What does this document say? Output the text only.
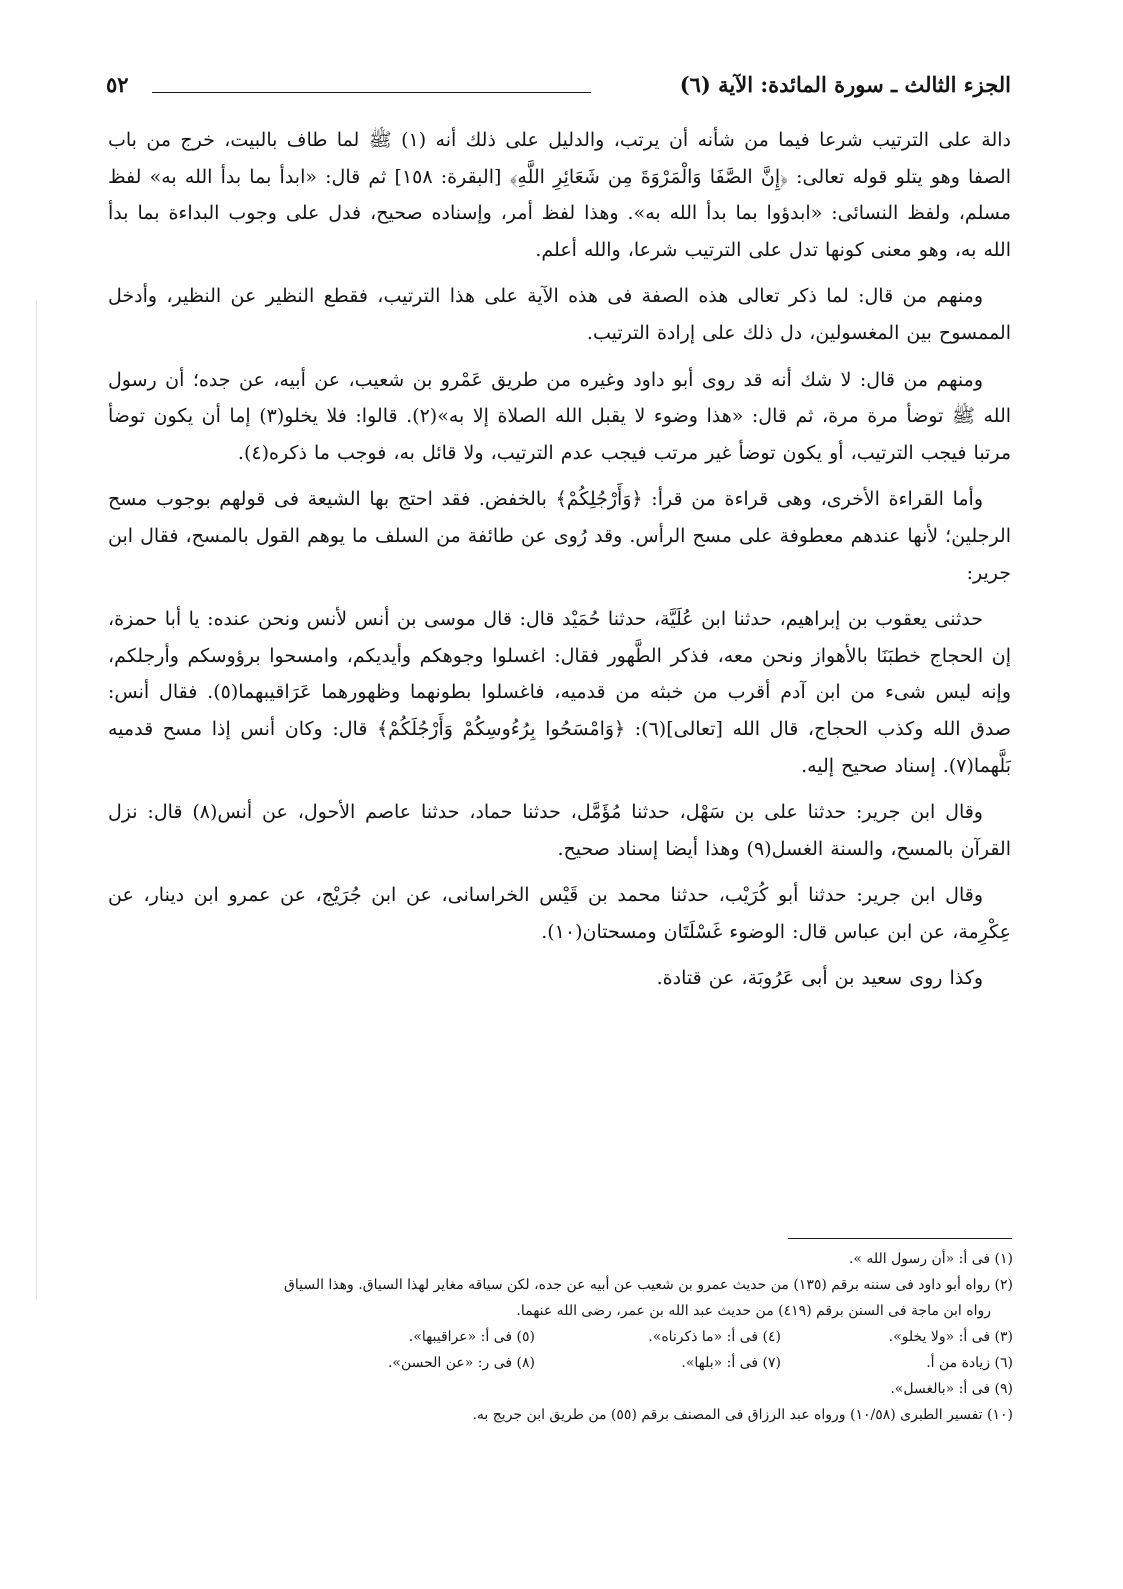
الجزء الثالث ـ سورة المائدة: الآية (٦)
٥٢

دالة على الترتيب شرعا فيما من شأنه أن يرتب، والدليل على ذلك أنه (١) ﷺ لما طاف بالبيت، خرج من باب الصفا وهو يتلو قوله تعالى: ﴿إِنَّ الصَّفَا وَالْمَرْوَةَ مِن شَعَائِرِ اللَّهِ﴾ [البقرة: ١٥٨] ثم قال: «ابدأ بما بدأ الله به» لفظ مسلم، ولفظ النسائى: «ابدؤوا بما بدأ الله به». وهذا لفظ أمر، وإسناده صحيح، فدل على وجوب البداءة بما بدأ الله به، وهو معنى كونها تدل على الترتيب شرعا، والله أعلم.

ومنهم من قال: لما ذكر تعالى هذه الصفة فى هذه الآية على هذا الترتيب، فقطع النظير عن النظير، وأدخل الممسوح بين المغسولين، دل ذلك على إرادة الترتيب.

ومنهم من قال: لا شك أنه قد روى أبو داود وغيره من طريق عَمْرو بن شعيب، عن أبيه، عن جده؛ أن رسول الله ﷺ توضأ مرة مرة، ثم قال: «هذا وضوء لا يقبل الله الصلاة إلا به»(٢). قالوا: فلا يخلو(٣) إما أن يكون توضأ مرتبا فيجب الترتيب، أو يكون توضأ غير مرتب فيجب عدم الترتيب، ولا قائل به، فوجب ما ذكره(٤).

وأما القراءة الأخرى، وهى قراءة من قرأ: ﴿وَأَرْجُلِكُمْ﴾ بالخفض. فقد احتج بها الشيعة فى قولهم بوجوب مسح الرجلين؛ لأنها عندهم معطوفة على مسح الرأس. وقد رُوى عن طائفة من السلف ما يوهم القول بالمسح، فقال ابن جرير:

حدثنى يعقوب بن إبراهيم، حدثنا ابن عُلَيَّة، حدثنا حُمَيْد قال: قال موسى بن أنس لأنس ونحن عنده: يا أبا حمزة، إن الحجاج خطبَنَا بالأهواز ونحن معه، فذكر الطَّهور فقال: اغسلوا وجوهكم وأيديكم، وامسحوا برؤوسكم وأرجلكم، وإنه ليس شىء من ابن آدم أقرب من خبثه من قدميه، فاغسلوا بطونهما وظهورهما عَرَاقيبهما(٥). فقال أنس: صدق الله وكذب الحجاج، قال الله [تعالى](٦): ﴿وَامْسَحُوا بِرُءُوسِكُمْ وَأَرْجُلَكُمْ﴾ قال: وكان أنس إذا مسح قدميه بَلَّهما(٧). إسناد صحيح إليه.

وقال ابن جرير: حدثنا على بن سَهْل، حدثنا مُؤَمَّل، حدثنا حماد، حدثنا عاصم الأحول، عن أنس(٨) قال: نزل القرآن بالمسح، والسنة الغسل(٩) وهذا أيضا إسناد صحيح.

وقال ابن جرير: حدثنا أبو كُرَيْب، حدثنا محمد بن قَيْس الخراسانى، عن ابن جُرَيْج، عن عمرو ابن دينار، عن عِكْرِمة، عن ابن عباس قال: الوضوء غَسْلَتَان ومسحتان(١٠).

وكذا روى سعيد بن أبى عَرُوبَة، عن قتادة.

(١) فى أ: «أن رسول الله ».

(٢) رواه أبو داود فى سننه برقم (١٣٥) من حديث عمرو بن شعيب عن أبيه عن جده، لكن سياقه مغاير لهذا السياق. وهذا السياق

رواه ابن ماجة فى السنن برقم (٤١٩) من حديث عبد الله بن عمر، رضى الله عنهما.

(٣) فى أ: «ولا يخلو».
(٤) فى أ: «ما ذكرناه».
(٥) فى أ: «عراقيبها».
(٦) زيادة من أ.
(٧) فى أ: «بلها».
(٨) فى ر: «عن الحسن».

(٩) فى أ: «بالغسل».

(١٠) تفسير الطبرى (١٠/٥٨) ورواه عبد الرزاق فى المصنف برقم (٥٥) من طريق ابن جريج به.
